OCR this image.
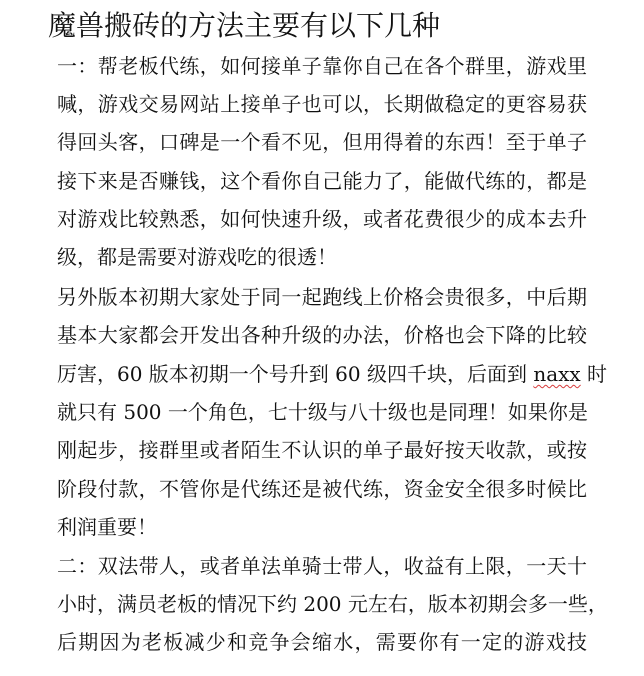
魔兽搬砖的方法主要有以下几种

一：帮老板代练，如何接单子靠你自己在各个群里，游戏里

喊，游戏交易网站上接单子也可以，长期做稳定的更容易获

得回头客，口碑是一个看不见，但用得着的东西！至于单子

接下来是否赚钱，这个看你自己能力了，能做代练的，都是

对游戏比较熟悉，如何快速升级，或者花费很少的成本去升

级，都是需要对游戏吃的很透！

另外版本初期大家处于同一起跑线上价格会贵很多，中后期

基本大家都会开发出各种升级的办法，价格也会下降的比较

厉害，60 版本初期一个号升到 60 级四千块，后面到 naxx 时

就只有 500 一个角色，七十级与八十级也是同理！如果你是

刚起步，接群里或者陌生不认识的单子最好按天收款，或按

阶段付款，不管你是代练还是被代练，资金安全很多时候比

利润重要！

二：双法带人，或者单法单骑士带人，收益有上限，一天十

小时，满员老板的情况下约 200 元左右，版本初期会多一些，

后期因为老板减少和竞争会缩水，需要你有一定的游戏技
